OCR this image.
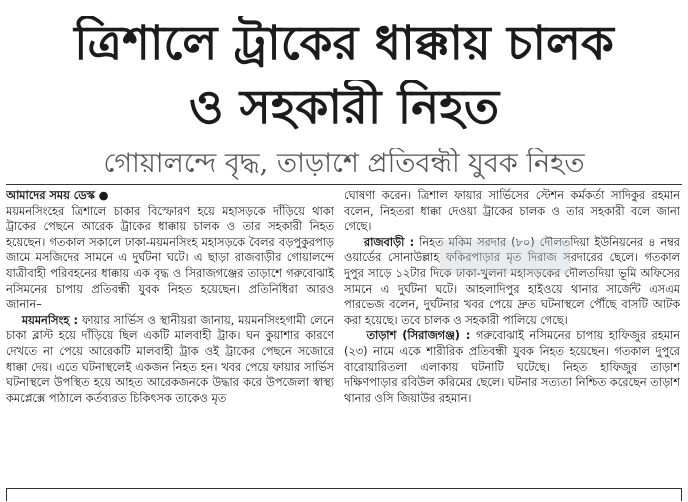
ত্রিশালে ট্রাকের ধাক্কায় চালক
ও সহকারী নিহত
গোয়ালন্দে বৃদ্ধ, তাড়াশে প্রতিবন্ধী যুবক নিহত

আমাদের সময় ডেস্ক ●
ময়মনসিংহের ত্রিশালে চাকার বিস্ফোরণ হয়ে মহাসড়কে দাঁড়িয়ে থাকা ট্রাকের পেছনে আরেক ট্রাকের ধাক্কায় চালক ও তার সহকারী নিহত হয়েছেন। গতকাল সকালে ঢাকা-ময়মনসিংহ মহাসড়কে বৈলর বড়পুকুরপাড় জামে মসজিদের সামনে এ দুর্ঘটনা ঘটে। এ ছাড়া রাজবাড়ীর গোয়ালন্দে যাত্রীবাহী পরিবহনের ধাক্কায় এক বৃদ্ধ ও সিরাজগঞ্জের তাড়াশে গরুবোঝাই নসিমনের চাপায় প্রতিবন্ধী যুবক নিহত হয়েছেন। প্রতিনিধিরা আরও জানান–

ময়মনসিংহ : ফায়ার সার্ভিস ও স্থানীয়রা জানায়, ময়মনসিংহগামী লেনে চাকা ব্লাস্ট হয়ে দাঁড়িয়ে ছিল একটি মালবাহী ট্রাক। ঘন কুয়াশার কারণে দেখতে না পেয়ে আরেকটি মালবাহী ট্রাক ওই ট্রাকের পেছনে সজোরে ধাক্কা দেয়। এতে ঘটনাস্থলেই একজন নিহত হন। খবর পেয়ে ফায়ার সার্ভিস ঘটনাস্থলে উপস্থিত হয়ে আহত আরেকজনকে উদ্ধার করে উপজেলা স্বাস্থ্য কমপ্লেক্সে পাঠালে কর্তব্যরত চিকিৎসক তাকেও মৃত

ঘোষণা করেন। ত্রিশাল ফায়ার সার্ভিসের স্টেশন কর্মকর্তা সাদিকুর রহমান বলেন, নিহতরা ধাক্কা দেওয়া ট্রাকের চালক ও তার সহকারী বলে জানা গেছে।

রাজবাড়ী : নিহত মকিম সরদার (৮০) দৌলতদিয়া ইউনিয়নের ৪ নম্বর ওয়ার্ডের সোনাউল্লাহ ফকিরপাড়ার মৃত দিরাজ সরদারের ছেলে। গতকাল দুপুর সাড়ে ১২টার দিকে ঢাকা-খুলনা মহাসড়কের দৌলতদিয়া ভূমি অফিসের সামনে এ দুর্ঘটনা ঘটে। আহলাদিপুর হাইওয়ে থানার সার্জেন্ট এসএম পারভেজ বলেন, দুর্ঘটনার খবর পেয়ে দ্রুত ঘটনাস্থলে পৌঁছে বাসটি আটক করা হয়েছে। তবে চালক ও সহকারী পালিয়ে গেছে।

তাড়াশ (সিরাজগঞ্জ) : গরুবোঝাই নসিমনের চাপায় হাফিজুর রহমান (২৩) নামে একে শারীরিক প্রতিবন্ধী যুবক নিহত হয়েছেন। গতকাল দুপুরে বারোয়ারিতলা এলাকায় ঘটনাটি ঘটেছে। নিহত হাফিজুর তাড়াশ দক্ষিণপাড়ার রবিউল করিমের ছেলে। ঘটনার সত্যতা নিশ্চিত করেছেন তাড়াশ থানার ওসি জিয়াউর রহমান।
